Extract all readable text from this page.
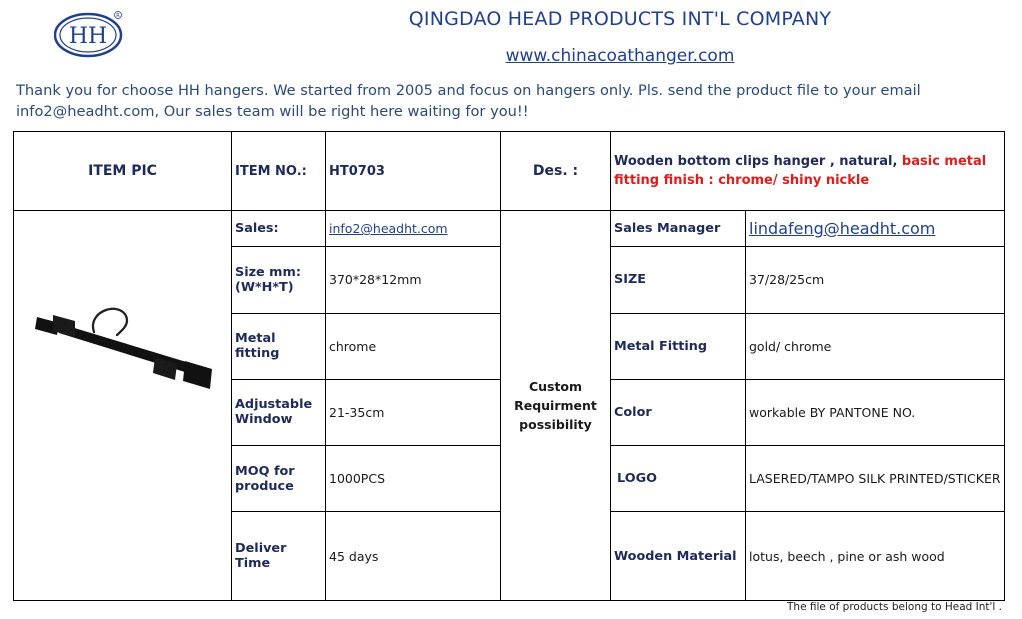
HH
R	QINGDAO HEAD PRODUCTS INT'L COMPANY
www.chinacoathanger.com
Thank you for choose HH hangers. We started from 2005 and focus on hangers only. Pls. send the product file to your email info2@headht.com, Our sales team will be right here waiting for you!!
ITEM PIC	ITEM NO.:	HT0703	Des. :	Wooden bottom clips hanger , natural, basic metal fitting finish : chrome/ shiny nickle	
	Sales:	info2@headht.com	Custom Requirment possibility	Sales Manager	lindafeng@headht.com
	Size mm:(W*H*T)	370*28*12mm		SIZE	37/28/25cm
	Metal fitting	chrome		Metal Fitting	gold/ chrome
	Adjustable Window	21-35cm		Color	workable BY PANTONE NO.
	MOQ for produce	1000PCS		LOGO	LASERED/TAMPO SILK PRINTED/STICKER
	Deliver Time	45 days		Wooden Material	lotus, beech , pine or ash wood
The file of products belong to Head Int'l .
